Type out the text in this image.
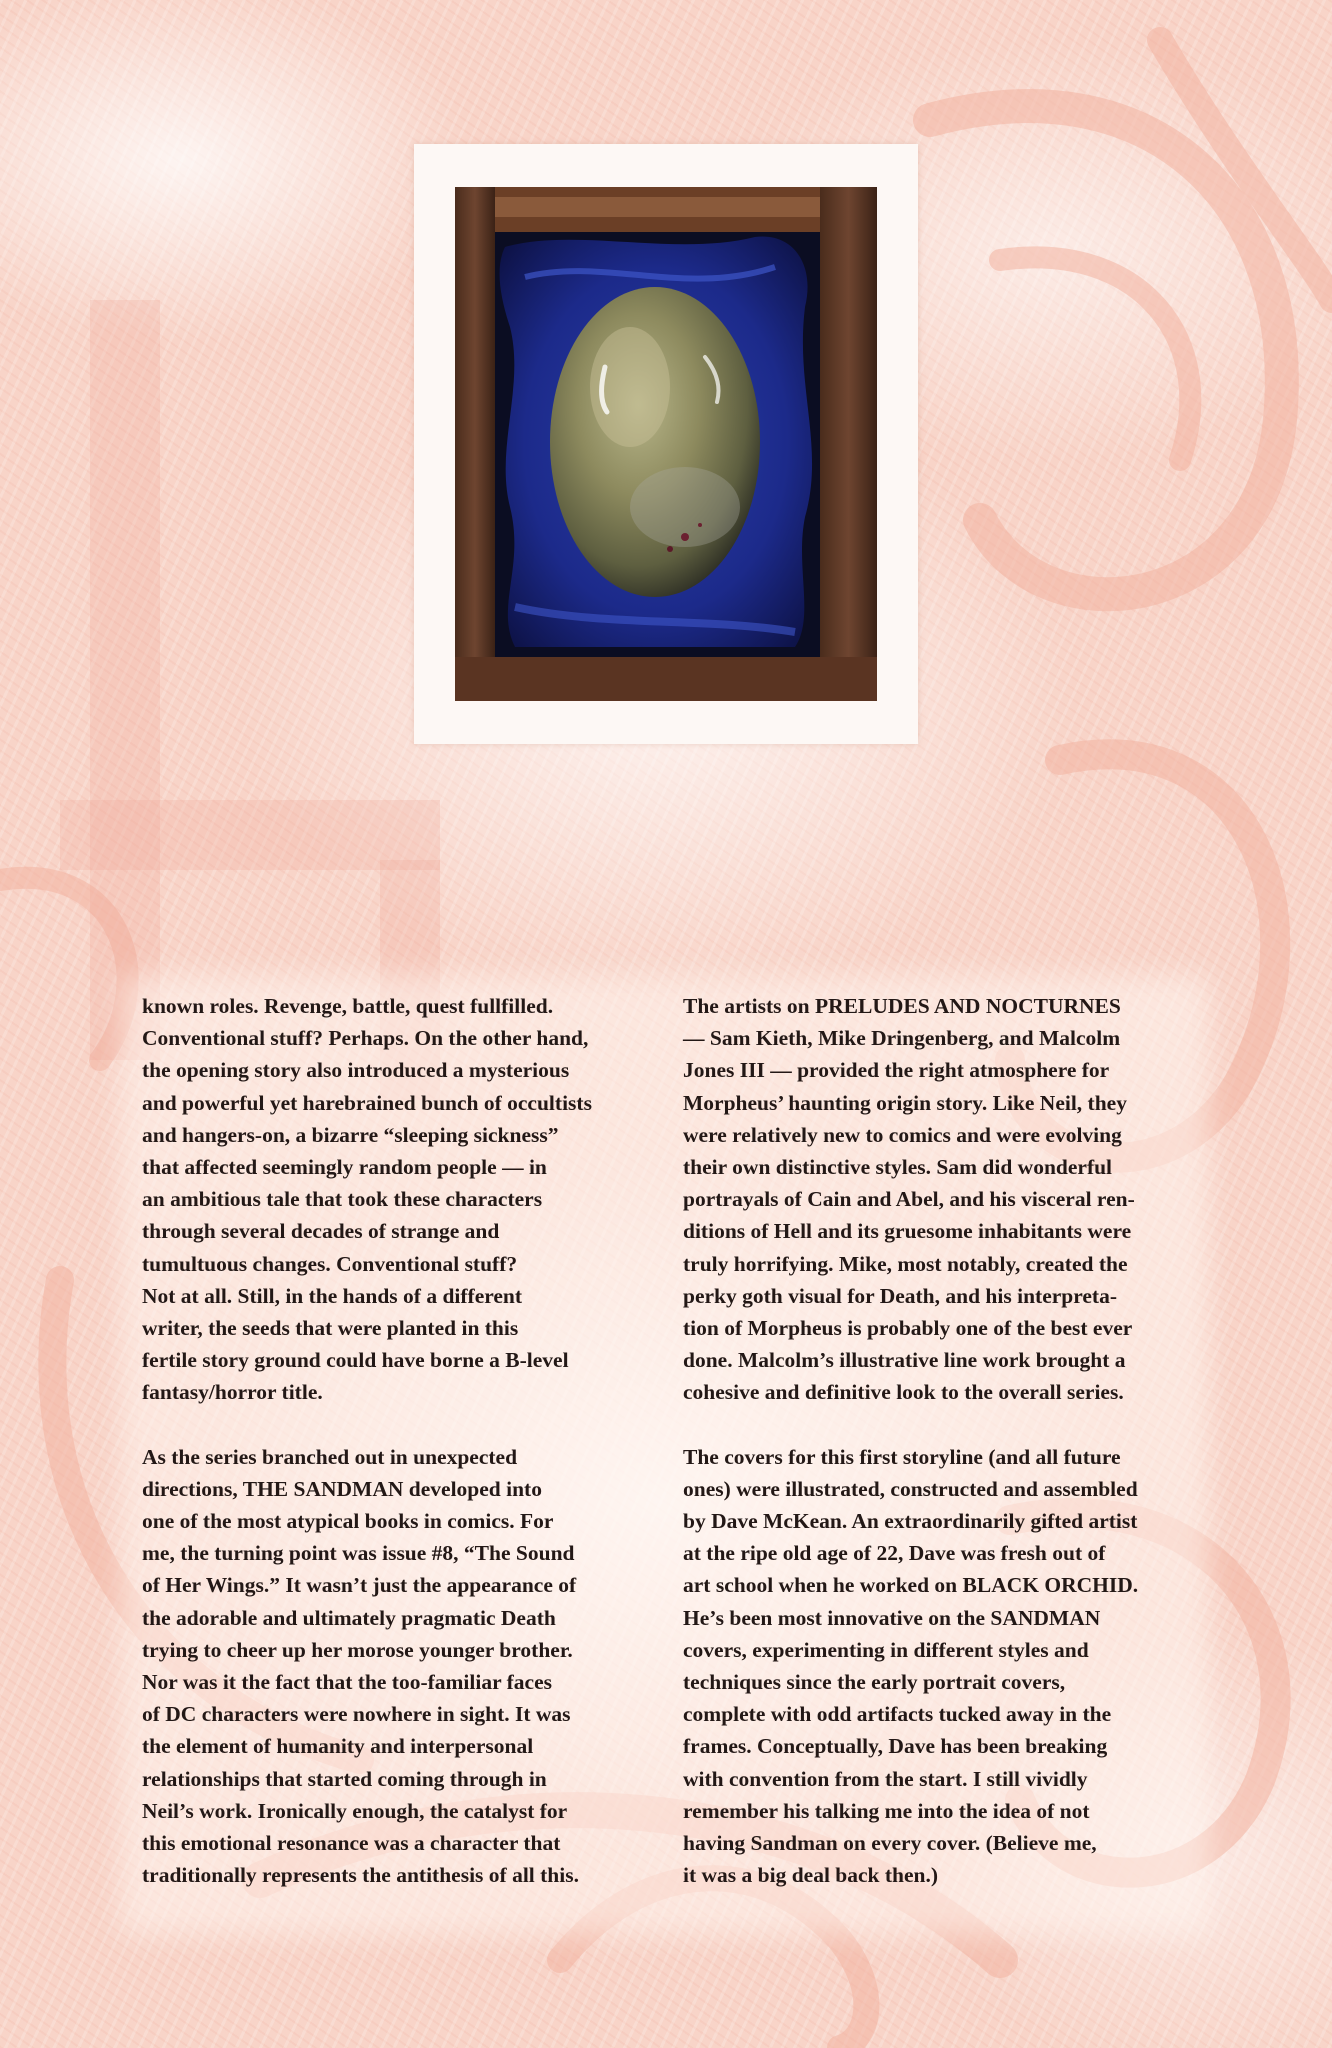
known roles. Revenge, battle, quest fullfilled.
Conventional stuff? Perhaps. On the other hand,
the opening story also introduced a mysterious
and powerful yet harebrained bunch of occultists
and hangers-on, a bizarre “sleeping sickness”
that affected seemingly random people — in
an ambitious tale that took these characters
through several decades of strange and
tumultuous changes. Conventional stuff?
Not at all. Still, in the hands of a different
writer, the seeds that were planted in this
fertile story ground could have borne a B-level
fantasy/horror title.

As the series branched out in unexpected
directions, THE SANDMAN developed into
one of the most atypical books in comics. For
me, the turning point was issue #8, “The Sound
of Her Wings.” It wasn’t just the appearance of
the adorable and ultimately pragmatic Death
trying to cheer up her morose younger brother.
Nor was it the fact that the too-familiar faces
of DC characters were nowhere in sight. It was
the element of humanity and interpersonal
relationships that started coming through in
Neil’s work. Ironically enough, the catalyst for
this emotional resonance was a character that
traditionally represents the antithesis of all this.

The artists on PRELUDES AND NOCTURNES
— Sam Kieth, Mike Dringenberg, and Malcolm
Jones III — provided the right atmosphere for
Morpheus’ haunting origin story. Like Neil, they
were relatively new to comics and were evolving
their own distinctive styles. Sam did wonderful
portrayals of Cain and Abel, and his visceral ren-
ditions of Hell and its gruesome inhabitants were
truly horrifying. Mike, most notably, created the
perky goth visual for Death, and his interpreta-
tion of Morpheus is probably one of the best ever
done. Malcolm’s illustrative line work brought a
cohesive and definitive look to the overall series.

The covers for this first storyline (and all future
ones) were illustrated, constructed and assembled
by Dave McKean. An extraordinarily gifted artist
at the ripe old age of 22, Dave was fresh out of
art school when he worked on BLACK ORCHID.
He’s been most innovative on the SANDMAN
covers, experimenting in different styles and
techniques since the early portrait covers,
complete with odd artifacts tucked away in the
frames. Conceptually, Dave has been breaking
with convention from the start. I still vividly
remember his talking me into the idea of not
having Sandman on every cover. (Believe me,
it was a big deal back then.)
